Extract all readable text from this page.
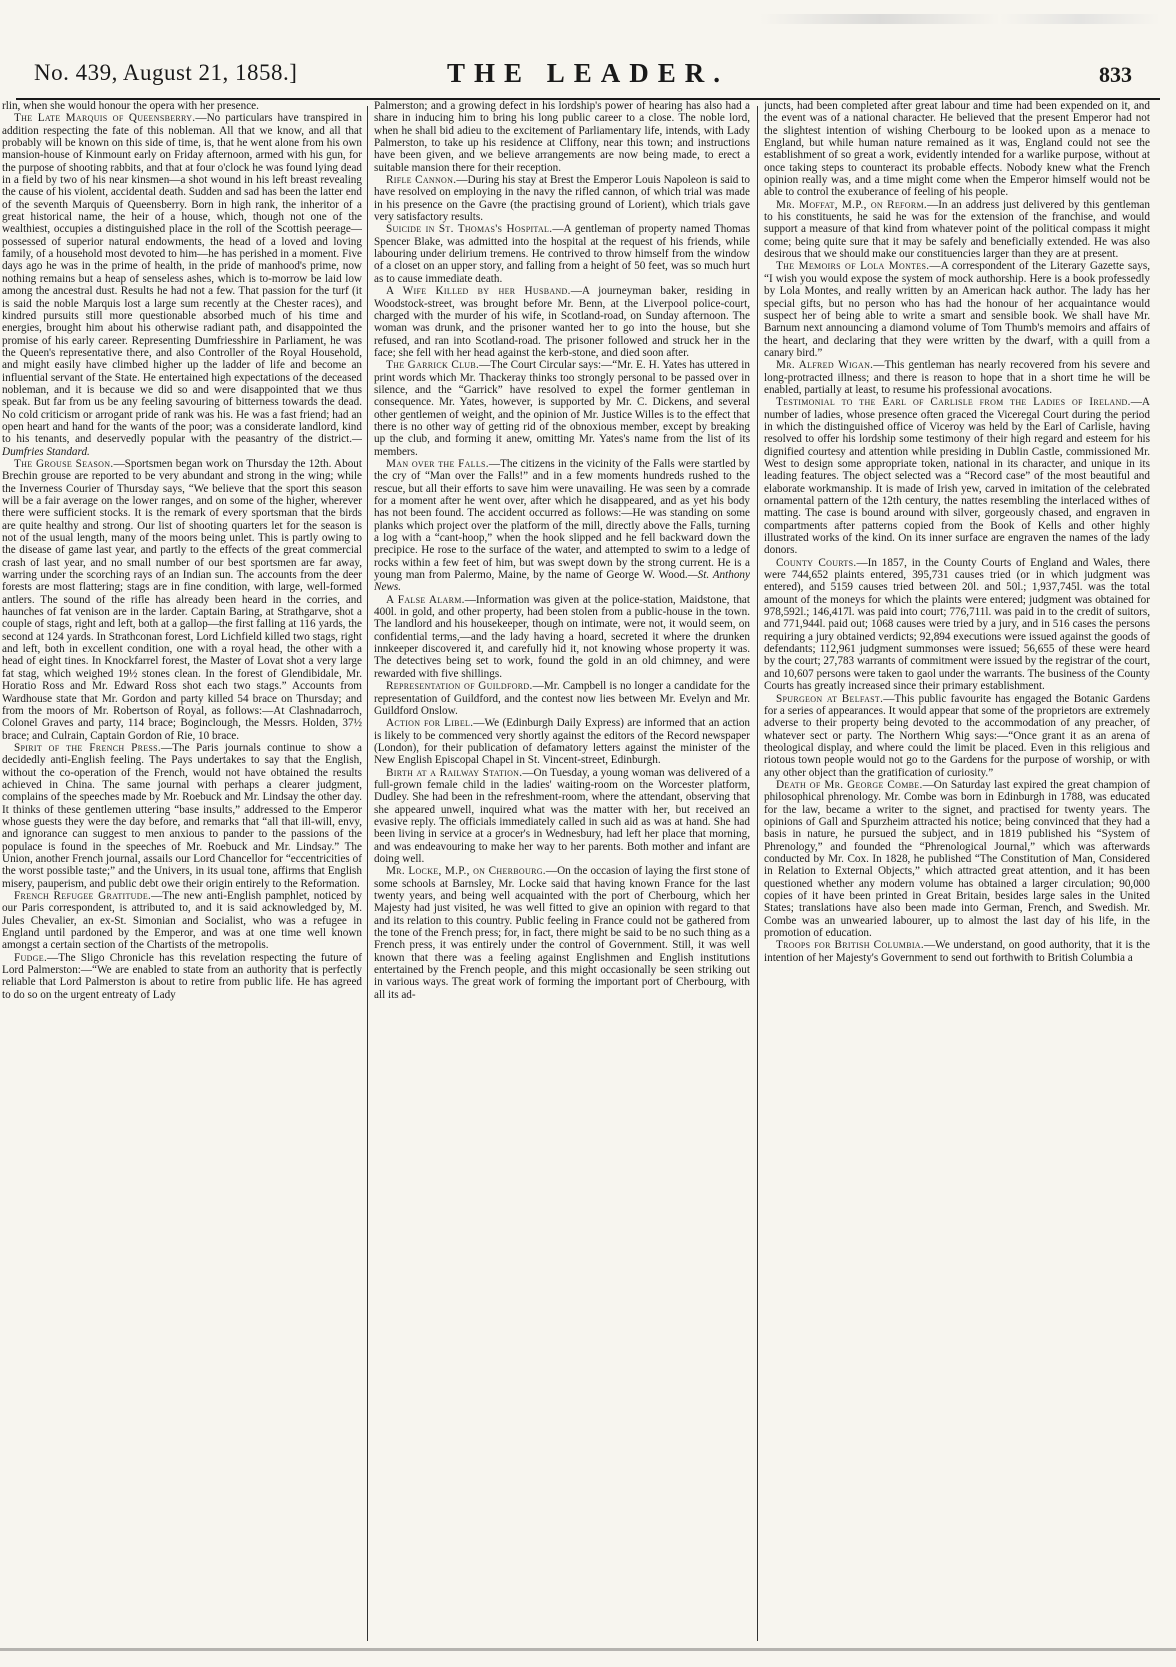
No. 439, August 21, 1858.]	THE LEADER.	833

rlin, when she would honour the opera with her presence.

The Late Marquis of Queensberry.—No particulars have transpired in addition respecting the fate of this nobleman. All that we know, and all that probably will be known on this side of time, is, that he went alone from his own mansion-house of Kinmount early on Friday afternoon, armed with his gun, for the purpose of shooting rabbits, and that at four o'clock he was found lying dead in a field by two of his near kinsmen—a shot wound in his left breast revealing the cause of his violent, accidental death. Sudden and sad has been the latter end of the seventh Marquis of Queensberry. Born in high rank, the inheritor of a great historical name, the heir of a house, which, though not one of the wealthiest, occupies a distinguished place in the roll of the Scottish peerage—possessed of superior natural endowments, the head of a loved and loving family, of a household most devoted to him—he has perished in a moment. Five days ago he was in the prime of health, in the pride of manhood's prime, now nothing remains but a heap of senseless ashes, which is to-morrow be laid low among the ancestral dust. Results he had not a few. That passion for the turf (it is said the noble Marquis lost a large sum recently at the Chester races), and kindred pursuits still more questionable absorbed much of his time and energies, brought him about his otherwise radiant path, and disappointed the promise of his early career. Representing Dumfriesshire in Parliament, he was the Queen's representative there, and also Controller of the Royal Household, and might easily have climbed higher up the ladder of life and become an influential servant of the State. He entertained high expectations of the deceased nobleman, and it is because we did so and were disappointed that we thus speak. But far from us be any feeling savouring of bitterness towards the dead. No cold criticism or arrogant pride of rank was his. He was a fast friend; had an open heart and hand for the wants of the poor; was a considerate landlord, kind to his tenants, and deservedly popular with the peasantry of the district.—Dumfries Standard.

The Grouse Season.—Sportsmen began work on Thursday the 12th. About Brechin grouse are reported to be very abundant and strong in the wing; while the Inverness Courier of Thursday says, “We believe that the sport this season will be a fair average on the lower ranges, and on some of the higher, wherever there were sufficient stocks. It is the remark of every sportsman that the birds are quite healthy and strong. Our list of shooting quarters let for the season is not of the usual length, many of the moors being unlet. This is partly owing to the disease of game last year, and partly to the effects of the great commercial crash of last year, and no small number of our best sportsmen are far away, warring under the scorching rays of an Indian sun. The accounts from the deer forests are most flattering; stags are in fine condition, with large, well-formed antlers. The sound of the rifle has already been heard in the corries, and haunches of fat venison are in the larder. Captain Baring, at Strathgarve, shot a couple of stags, right and left, both at a gallop—the first falling at 116 yards, the second at 124 yards. In Strathconan forest, Lord Lichfield killed two stags, right and left, both in excellent condition, one with a royal head, the other with a head of eight tines. In Knockfarrel forest, the Master of Lovat shot a very large fat stag, which weighed 19½ stones clean. In the forest of Glendibidale, Mr. Horatio Ross and Mr. Edward Ross shot each two stags.” Accounts from Wardhouse state that Mr. Gordon and party killed 54 brace on Thursday; and from the moors of Mr. Robertson of Royal, as follows:—At Clashnadarroch, Colonel Graves and party, 114 brace; Boginclough, the Messrs. Holden, 37½ brace; and Culrain, Captain Gordon of Rie, 10 brace.

Spirit of the French Press.—The Paris journals continue to show a decidedly anti-English feeling. The Pays undertakes to say that the English, without the co-operation of the French, would not have obtained the results achieved in China. The same journal with perhaps a clearer judgment, complains of the speeches made by Mr. Roebuck and Mr. Lindsay the other day. It thinks of these gentlemen uttering “base insults,” addressed to the Emperor whose guests they were the day before, and remarks that “all that ill-will, envy, and ignorance can suggest to men anxious to pander to the passions of the populace is found in the speeches of Mr. Roebuck and Mr. Lindsay.” The Union, another French journal, assails our Lord Chancellor for “eccentricities of the worst possible taste;” and the Univers, in its usual tone, affirms that English misery, pauperism, and public debt owe their origin entirely to the Reformation.

French Refugee Gratitude.—The new anti-English pamphlet, noticed by our Paris correspondent, is attributed to, and it is said acknowledged by, M. Jules Chevalier, an ex-St. Simonian and Socialist, who was a refugee in England until pardoned by the Emperor, and was at one time well known amongst a certain section of the Chartists of the metropolis.

Fudge.—The Sligo Chronicle has this revelation respecting the future of Lord Palmerston:—“We are enabled to state from an authority that is perfectly reliable that Lord Palmerston is about to retire from public life. He has agreed to do so on the urgent entreaty of Lady

Palmerston; and a growing defect in his lordship's power of hearing has also had a share in inducing him to bring his long public career to a close. The noble lord, when he shall bid adieu to the excitement of Parliamentary life, intends, with Lady Palmerston, to take up his residence at Cliffony, near this town; and instructions have been given, and we believe arrangements are now being made, to erect a suitable mansion there for their reception.

Rifle Cannon.—During his stay at Brest the Emperor Louis Napoleon is said to have resolved on employing in the navy the rifled cannon, of which trial was made in his presence on the Gavre (the practising ground of Lorient), which trials gave very satisfactory results.

Suicide in St. Thomas's Hospital.—A gentleman of property named Thomas Spencer Blake, was admitted into the hospital at the request of his friends, while labouring under delirium tremens. He contrived to throw himself from the window of a closet on an upper story, and falling from a height of 50 feet, was so much hurt as to cause immediate death.

A Wife Killed by her Husband.—A journeyman baker, residing in Woodstock-street, was brought before Mr. Benn, at the Liverpool police-court, charged with the murder of his wife, in Scotland-road, on Sunday afternoon. The woman was drunk, and the prisoner wanted her to go into the house, but she refused, and ran into Scotland-road. The prisoner followed and struck her in the face; she fell with her head against the kerb-stone, and died soon after.

The Garrick Club.—The Court Circular says:—“Mr. E. H. Yates has uttered in print words which Mr. Thackeray thinks too strongly personal to be passed over in silence, and the “Garrick” have resolved to expel the former gentleman in consequence. Mr. Yates, however, is supported by Mr. C. Dickens, and several other gentlemen of weight, and the opinion of Mr. Justice Willes is to the effect that there is no other way of getting rid of the obnoxious member, except by breaking up the club, and forming it anew, omitting Mr. Yates's name from the list of its members.

Man over the Falls.—The citizens in the vicinity of the Falls were startled by the cry of “Man over the Falls!” and in a few moments hundreds rushed to the rescue, but all their efforts to save him were unavailing. He was seen by a comrade for a moment after he went over, after which he disappeared, and as yet his body has not been found. The accident occurred as follows:—He was standing on some planks which project over the platform of the mill, directly above the Falls, turning a log with a “cant-hoop,” when the hook slipped and he fell backward down the precipice. He rose to the surface of the water, and attempted to swim to a ledge of rocks within a few feet of him, but was swept down by the strong current. He is a young man from Palermo, Maine, by the name of George W. Wood.—St. Anthony News.

A False Alarm.—Information was given at the police-station, Maidstone, that 400l. in gold, and other property, had been stolen from a public-house in the town. The landlord and his housekeeper, though on intimate, were not, it would seem, on confidential terms,—and the lady having a hoard, secreted it where the drunken innkeeper discovered it, and carefully hid it, not knowing whose property it was. The detectives being set to work, found the gold in an old chimney, and were rewarded with five shillings.

Representation of Guildford.—Mr. Campbell is no longer a candidate for the representation of Guildford, and the contest now lies between Mr. Evelyn and Mr. Guildford Onslow.

Action for Libel.—We (Edinburgh Daily Express) are informed that an action is likely to be commenced very shortly against the editors of the Record newspaper (London), for their publication of defamatory letters against the minister of the New English Episcopal Chapel in St. Vincent-street, Edinburgh.

Birth at a Railway Station.—On Tuesday, a young woman was delivered of a full-grown female child in the ladies' waiting-room on the Worcester platform, Dudley. She had been in the refreshment-room, where the attendant, observing that she appeared unwell, inquired what was the matter with her, but received an evasive reply. The officials immediately called in such aid as was at hand. She had been living in service at a grocer's in Wednesbury, had left her place that morning, and was endeavouring to make her way to her parents. Both mother and infant are doing well.

Mr. Locke, M.P., on Cherbourg.—On the occasion of laying the first stone of some schools at Barnsley, Mr. Locke said that having known France for the last twenty years, and being well acquainted with the port of Cherbourg, which her Majesty had just visited, he was well fitted to give an opinion with regard to that and its relation to this country. Public feeling in France could not be gathered from the tone of the French press; for, in fact, there might be said to be no such thing as a French press, it was entirely under the control of Government. Still, it was well known that there was a feeling against Englishmen and English institutions entertained by the French people, and this might occasionally be seen striking out in various ways. The great work of forming the important port of Cherbourg, with all its ad-

juncts, had been completed after great labour and time had been expended on it, and the event was of a national character. He believed that the present Emperor had not the slightest intention of wishing Cherbourg to be looked upon as a menace to England, but while human nature remained as it was, England could not see the establishment of so great a work, evidently intended for a warlike purpose, without at once taking steps to counteract its probable effects. Nobody knew what the French opinion really was, and a time might come when the Emperor himself would not be able to control the exuberance of feeling of his people.

Mr. Moffat, M.P., on Reform.—In an address just delivered by this gentleman to his constituents, he said he was for the extension of the franchise, and would support a measure of that kind from whatever point of the political compass it might come; being quite sure that it may be safely and beneficially extended. He was also desirous that we should make our constituencies larger than they are at present.

The Memoirs of Lola Montes.—A correspondent of the Literary Gazette says, “I wish you would expose the system of mock authorship. Here is a book professedly by Lola Montes, and really written by an American hack author. The lady has her special gifts, but no person who has had the honour of her acquaintance would suspect her of being able to write a smart and sensible book. We shall have Mr. Barnum next announcing a diamond volume of Tom Thumb's memoirs and affairs of the heart, and declaring that they were written by the dwarf, with a quill from a canary bird.”

Mr. Alfred Wigan.—This gentleman has nearly recovered from his severe and long-protracted illness; and there is reason to hope that in a short time he will be enabled, partially at least, to resume his professional avocations.

Testimonial to the Earl of Carlisle from the Ladies of Ireland.—A number of ladies, whose presence often graced the Viceregal Court during the period in which the distinguished office of Viceroy was held by the Earl of Carlisle, having resolved to offer his lordship some testimony of their high regard and esteem for his dignified courtesy and attention while presiding in Dublin Castle, commissioned Mr. West to design some appropriate token, national in its character, and unique in its leading features. The object selected was a “Record case” of the most beautiful and elaborate workmanship. It is made of Irish yew, carved in imitation of the celebrated ornamental pattern of the 12th century, the nattes resembling the interlaced withes of matting. The case is bound around with silver, gorgeously chased, and engraven in compartments after patterns copied from the Book of Kells and other highly illustrated works of the kind. On its inner surface are engraven the names of the lady donors.

County Courts.—In 1857, in the County Courts of England and Wales, there were 744,652 plaints entered, 395,731 causes tried (or in which judgment was entered), and 5159 causes tried between 20l. and 50l.; 1,937,745l. was the total amount of the moneys for which the plaints were entered; judgment was obtained for 978,592l.; 146,417l. was paid into court; 776,711l. was paid in to the credit of suitors, and 771,944l. paid out; 1068 causes were tried by a jury, and in 516 cases the persons requiring a jury obtained verdicts; 92,894 executions were issued against the goods of defendants; 112,961 judgment summonses were issued; 56,655 of these were heard by the court; 27,783 warrants of commitment were issued by the registrar of the court, and 10,607 persons were taken to gaol under the warrants. The business of the County Courts has greatly increased since their primary establishment.

Spurgeon at Belfast.—This public favourite has engaged the Botanic Gardens for a series of appearances. It would appear that some of the proprietors are extremely adverse to their property being devoted to the accommodation of any preacher, of whatever sect or party. The Northern Whig says:—“Once grant it as an arena of theological display, and where could the limit be placed. Even in this religious and riotous town people would not go to the Gardens for the purpose of worship, or with any other object than the gratification of curiosity.”

Death of Mr. George Combe.—On Saturday last expired the great champion of philosophical phrenology. Mr. Combe was born in Edinburgh in 1788, was educated for the law, became a writer to the signet, and practised for twenty years. The opinions of Gall and Spurzheim attracted his notice; being convinced that they had a basis in nature, he pursued the subject, and in 1819 published his “System of Phrenology,” and founded the “Phrenological Journal,” which was afterwards conducted by Mr. Cox. In 1828, he published “The Constitution of Man, Considered in Relation to External Objects,” which attracted great attention, and it has been questioned whether any modern volume has obtained a larger circulation; 90,000 copies of it have been printed in Great Britain, besides large sales in the United States; translations have also been made into German, French, and Swedish. Mr. Combe was an unwearied labourer, up to almost the last day of his life, in the promotion of education.

Troops for British Columbia.—We understand, on good authority, that it is the intention of her Majesty's Government to send out forthwith to British Columbia a
